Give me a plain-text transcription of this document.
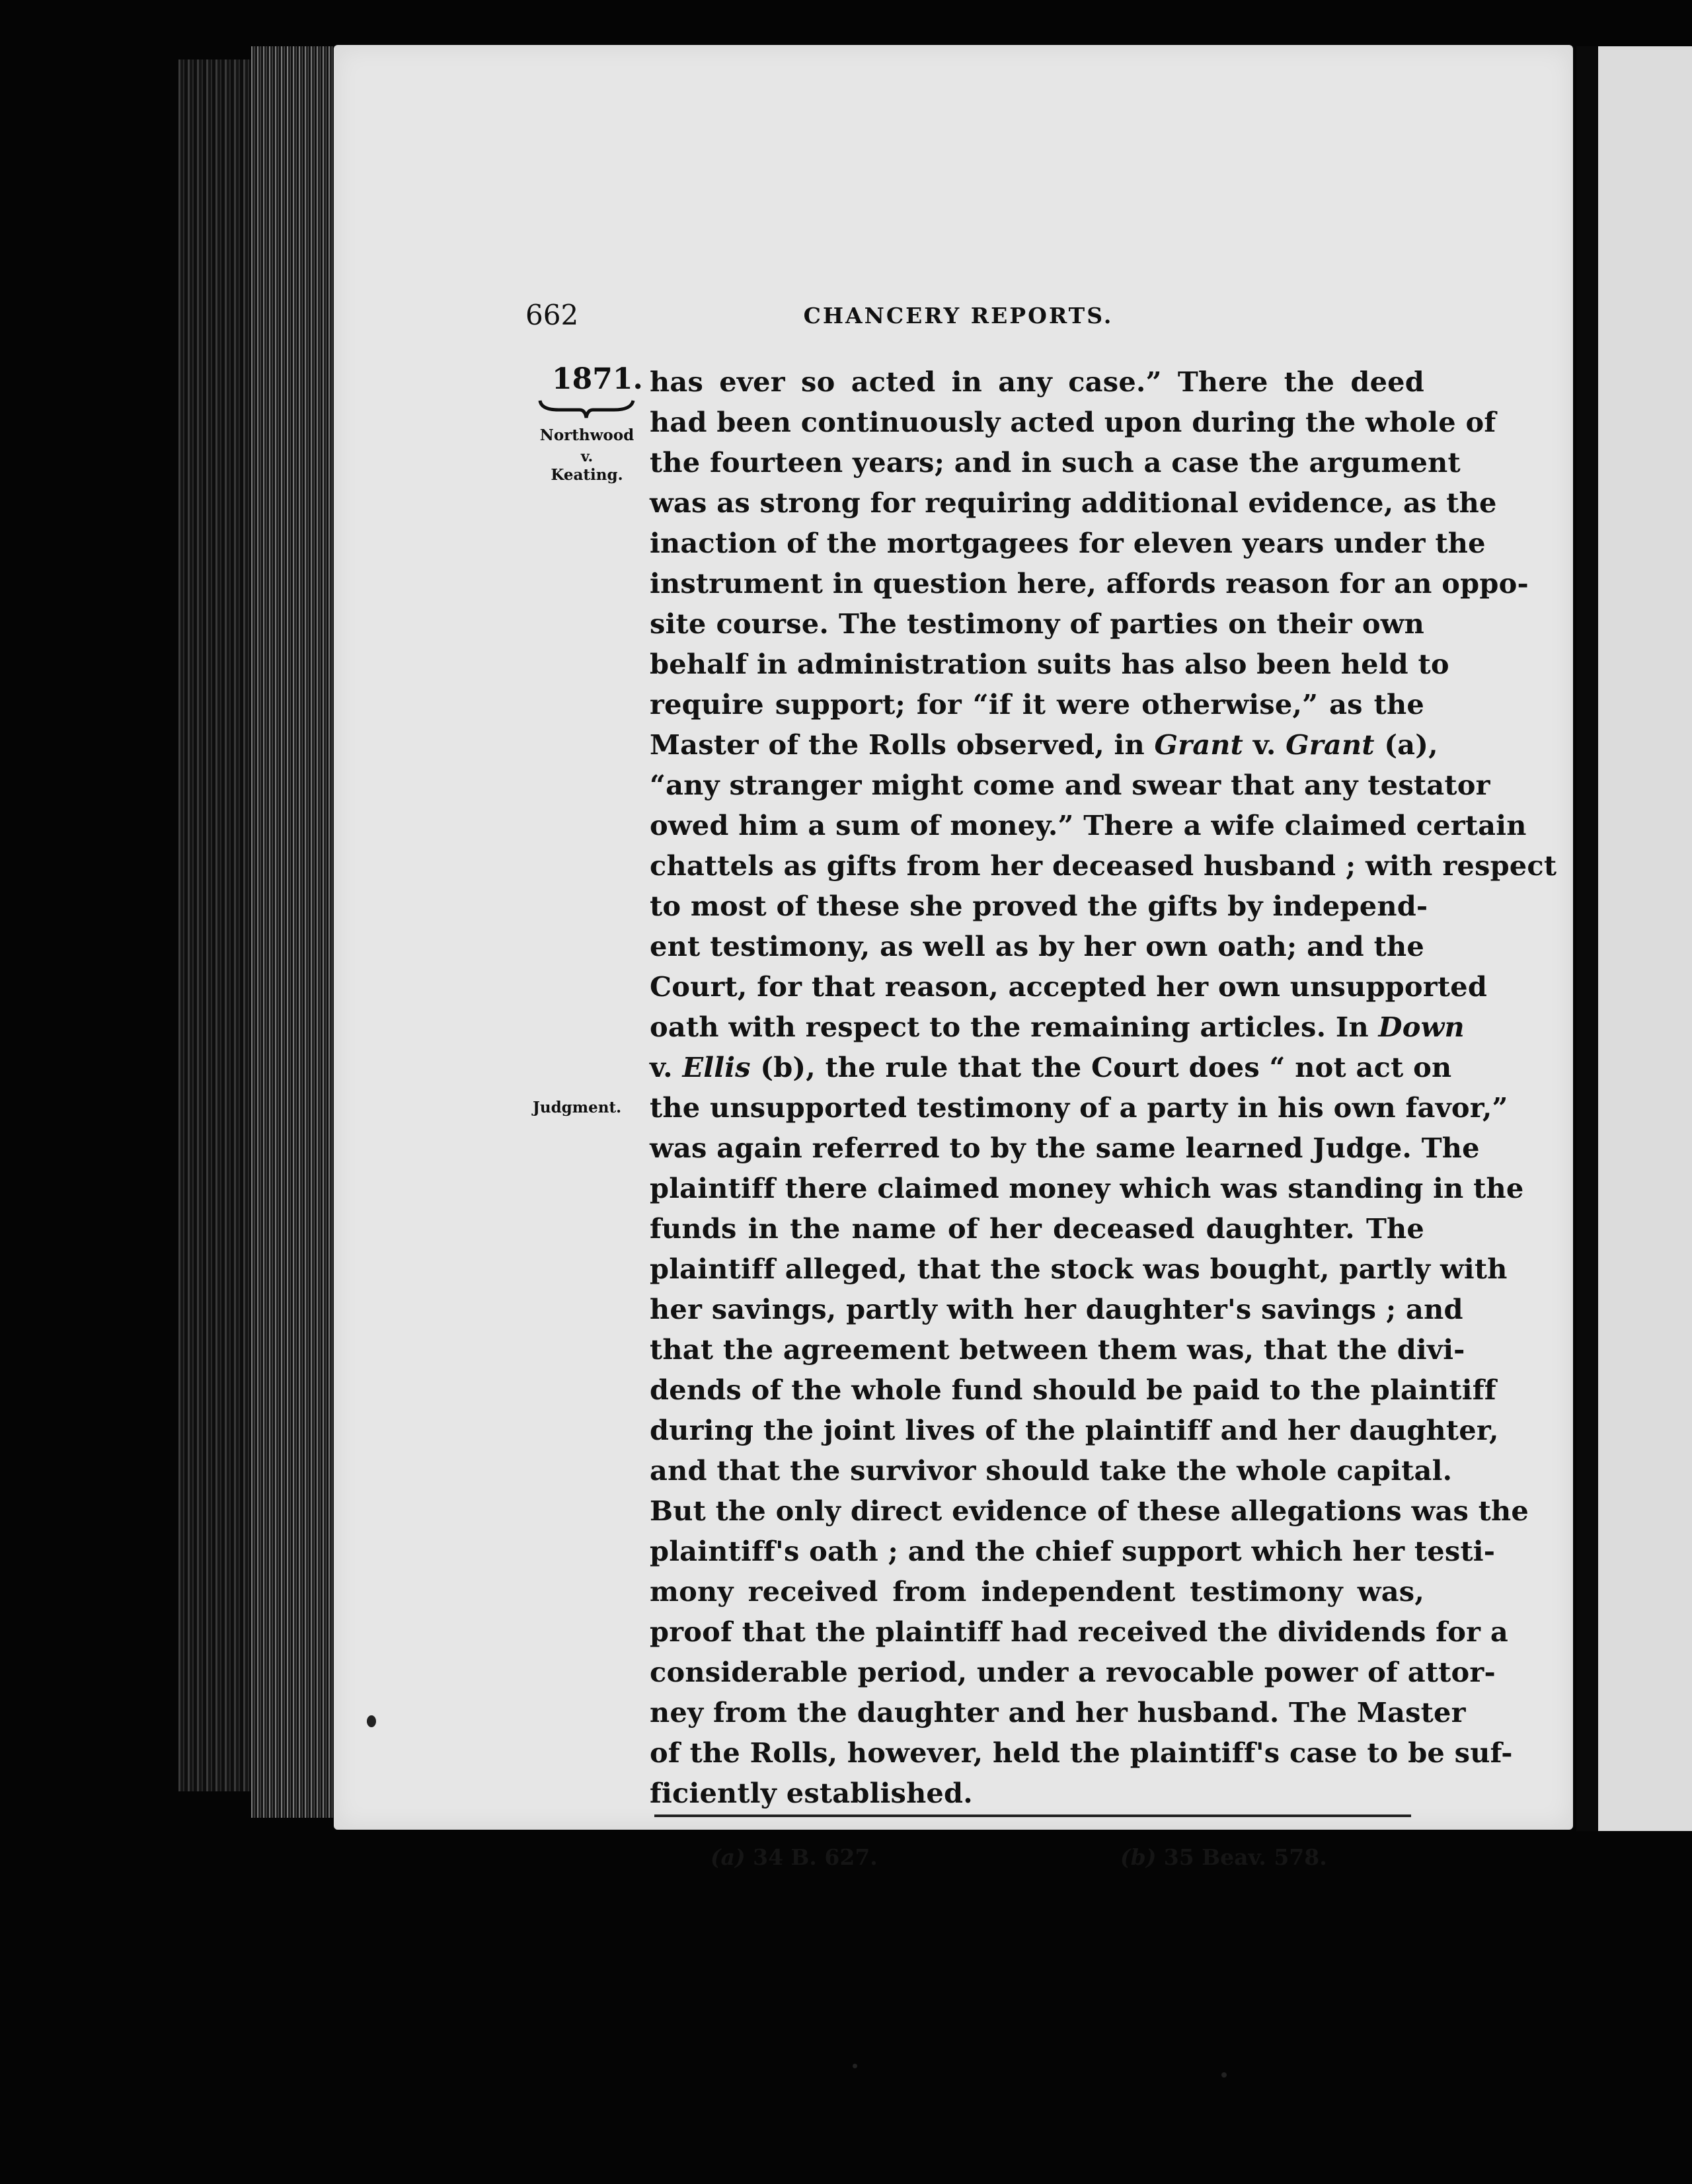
662	CHANCERY REPORTS.
1871.
Northwood
v.
Keating.
Judgment.
has ever so acted in any case.” There the deed
had been continuously acted upon during the whole of
the fourteen years; and in such a case the argument
was as strong for requiring additional evidence, as the
inaction of the mortgagees for eleven years under the
instrument in question here, affords reason for an oppo-
site course. The testimony of parties on their own
behalf in administration suits has also been held to
require support; for “if it were otherwise,” as the
Master of the Rolls observed, in Grant v. Grant (a),
“any stranger might come and swear that any testator
owed him a sum of money.” There a wife claimed certain
chattels as gifts from her deceased husband ; with respect
to most of these she proved the gifts by independ-
ent testimony, as well as by her own oath; and the
Court, for that reason, accepted her own unsupported
oath with respect to the remaining articles. In Down
v. Ellis (b), the rule that the Court does “ not act on
the unsupported testimony of a party in his own favor,”
was again referred to by the same learned Judge. The
plaintiff there claimed money which was standing in the
funds in the name of her deceased daughter. The
plaintiff alleged, that the stock was bought, partly with
her savings, partly with her daughter's savings ; and
that the agreement between them was, that the divi-
dends of the whole fund should be paid to the plaintiff
during the joint lives of the plaintiff and her daughter,
and that the survivor should take the whole capital.
But the only direct evidence of these allegations was the
plaintiff's oath ; and the chief support which her testi-
mony received from independent testimony was,
proof that the plaintiff had received the dividends for a
considerable period, under a revocable power of attor-
ney from the daughter and her husband. The Master
of the Rolls, however, held the plaintiff's case to be suf-
ficiently established.
(a) 34 B. 627.	(b) 35 Beav. 578.
